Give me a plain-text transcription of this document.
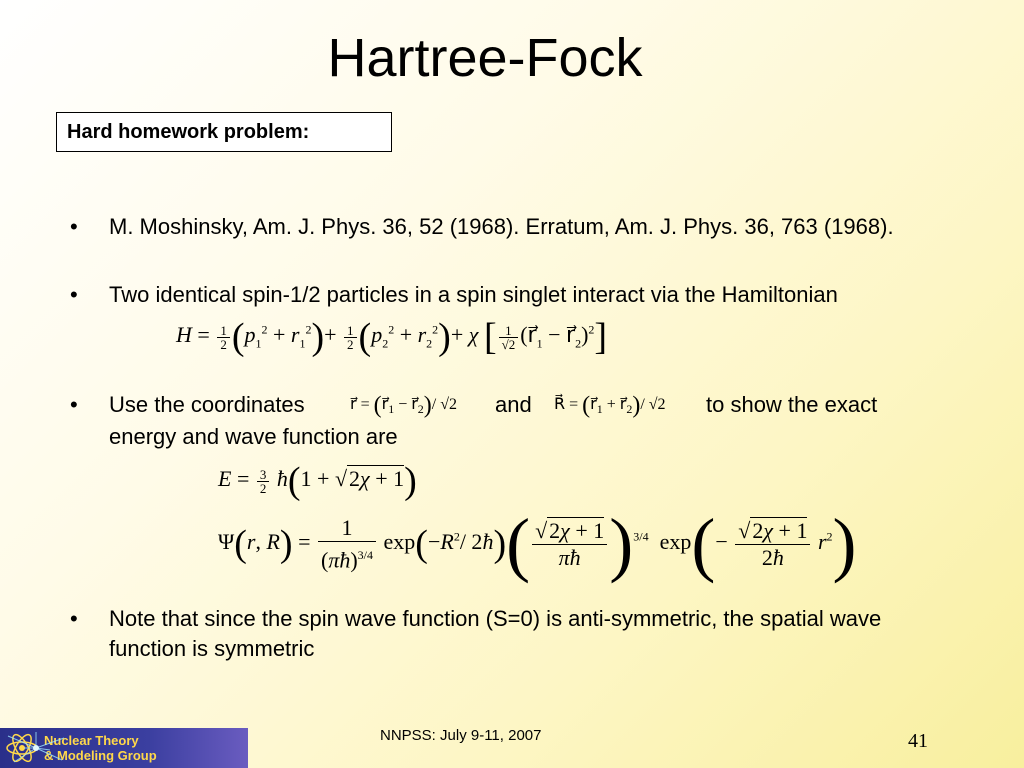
Hartree-Fock
Hard homework problem:
• M. Moshinsky, Am. J. Phys. 36, 52 (1968). Erratum, Am. J. Phys. 36, 763 (1968).
• Two identical spin-1/2 particles in a spin singlet interact via the Hamiltonian
$H = \frac{1}{2} (p_1^2 + r_1^2)+ \frac{1}{2} (p_2^2 + r_2^2)+ \chi$ [ $\frac{1}{√2}$ ($r⃗_1$ − $r⃗_2)^2$]
• Use the coordinates	r⃗ = ($r⃗_1$ − $r⃗_2)/$ √2 and	R⃗ = ($r⃗_1$ + $r⃗_2)/$ √2 to show the exact
energy and wave function are
$E = \frac{3}{2}$ ħ(1 + √2χ + 1)
Ψ(r, $R) = \frac{1}{(\pi ħ)^{3/4}} \exp(-R^2/$ 2ħ)( $\frac{√2\chi + 1}{\pi ħ} )^{3/4}$  $\exp(- \frac{√2\chi + 1}{2ħ} r^2)$
• Note that since the spin wave function (S=0) is anti-symmetric, the spatial wave function is symmetric
Nuclear Theory
& Modeling Group
NNPSS: July 9-11, 2007	41
